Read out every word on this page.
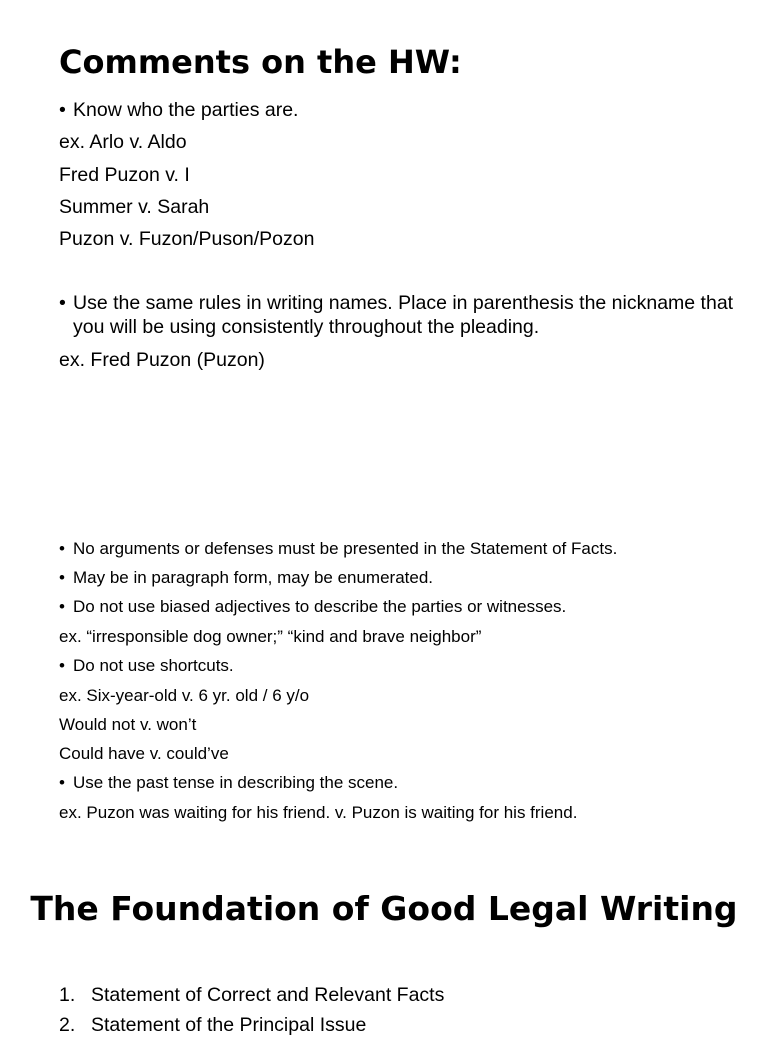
Comments on the HW:
• Know who the parties are.
ex. Arlo v. Aldo
Fred Puzon v. I
Summer v. Sarah
Puzon v. Fuzon/Puson/Pozon
• Use the same rules in writing names. Place in parenthesis the nickname that you will be using consistently throughout the pleading.
ex. Fred Puzon (Puzon)
• No arguments or defenses must be presented in the Statement of Facts.
• May be in paragraph form, may be enumerated.
• Do not use biased adjectives to describe the parties or witnesses.
ex. “irresponsible dog owner;” “kind and brave neighbor”
• Do not use shortcuts.
ex. Six-year-old v. 6 yr. old / 6 y/o
Would not v. won’t
Could have v. could’ve
• Use the past tense in describing the scene.
ex. Puzon was waiting for his friend. v. Puzon is waiting for his friend.
The Foundation of Good Legal Writing
1. Statement of Correct and Relevant Facts
2. Statement of the Principal Issue
